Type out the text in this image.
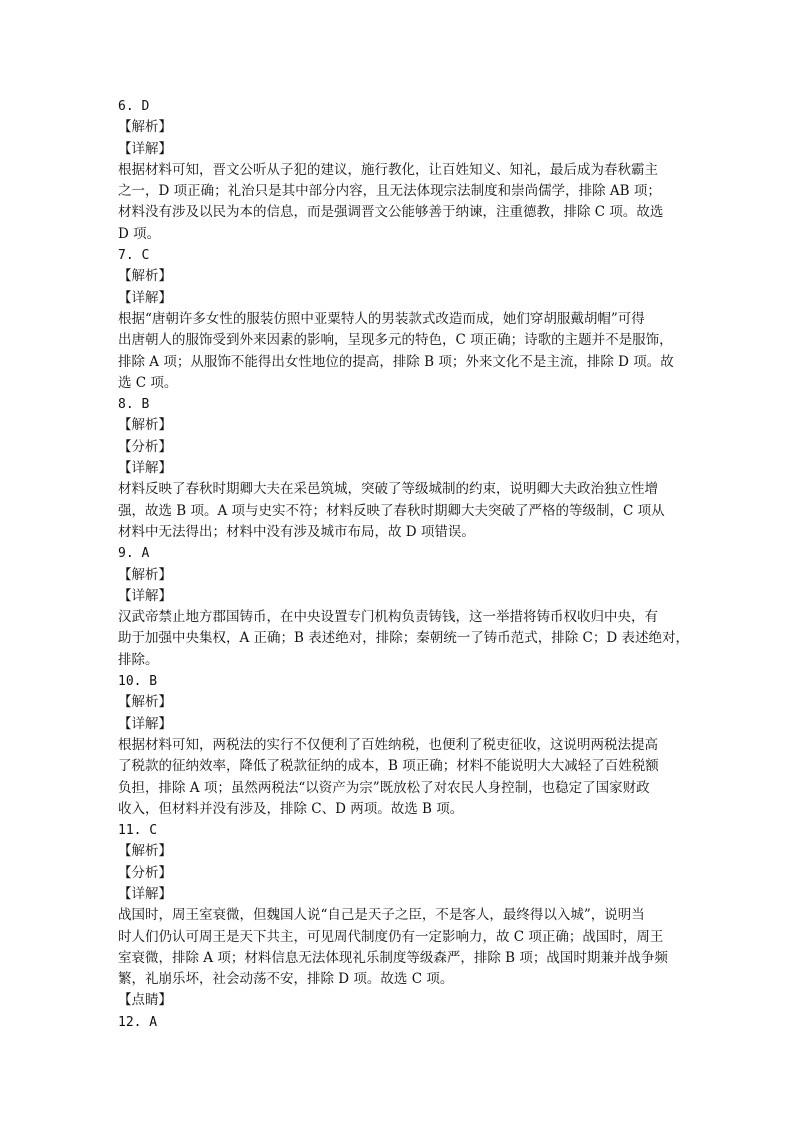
6. D
【解析】
【详解】
根据材料可知，晋文公听从子犯的建议，施行教化，让百姓知义、知礼，最后成为春秋霸主
之一，D 项正确；礼治只是其中部分内容，且无法体现宗法制度和崇尚儒学，排除 AB 项；
材料没有涉及以民为本的信息，而是强调晋文公能够善于纳谏，注重德教，排除 C 项。故选
D 项。
7. C
【解析】
【详解】
根据“唐朝许多女性的服装仿照中亚粟特人的男装款式改造而成，她们穿胡服戴胡帽”可得
出唐朝人的服饰受到外来因素的影响，呈现多元的特色，C 项正确；诗歌的主题并不是服饰，
排除 A 项；从服饰不能得出女性地位的提高，排除 B 项；外来文化不是主流，排除 D 项。故
选 C 项。
8. B
【解析】
【分析】
【详解】
材料反映了春秋时期卿大夫在采邑筑城，突破了等级城制的约束，说明卿大夫政治独立性增
强，故选 B 项。A 项与史实不符；材料反映了春秋时期卿大夫突破了严格的等级制，C 项从
材料中无法得出；材料中没有涉及城市布局，故 D 项错误。
9. A
【解析】
【详解】
汉武帝禁止地方郡国铸币，在中央设置专门机构负责铸钱，这一举措将铸币权收归中央，有
助于加强中央集权，A 正确；B 表述绝对，排除；秦朝统一了铸币范式，排除 C；D 表述绝对，
排除。
10. B
【解析】
【详解】
根据材料可知，两税法的实行不仅便利了百姓纳税，也便利了税吏征收，这说明两税法提高
了税款的征纳效率，降低了税款征纳的成本，B 项正确；材料不能说明大大减轻了百姓税额
负担，排除 A 项；虽然两税法“以资产为宗”既放松了对农民人身控制，也稳定了国家财政
收入，但材料并没有涉及，排除 C、D 两项。故选 B 项。
11. C
【解析】
【分析】
【详解】
战国时，周王室衰微，但魏国人说“自己是天子之臣，不是客人，最终得以入城”，说明当
时人们仍认可周王是天下共主，可见周代制度仍有一定影响力，故 C 项正确；战国时，周王
室衰微，排除 A 项；材料信息无法体现礼乐制度等级森严，排除 B 项；战国时期兼并战争频
繁，礼崩乐坏，社会动荡不安，排除 D 项。故选 C 项。
【点睛】
12. A
